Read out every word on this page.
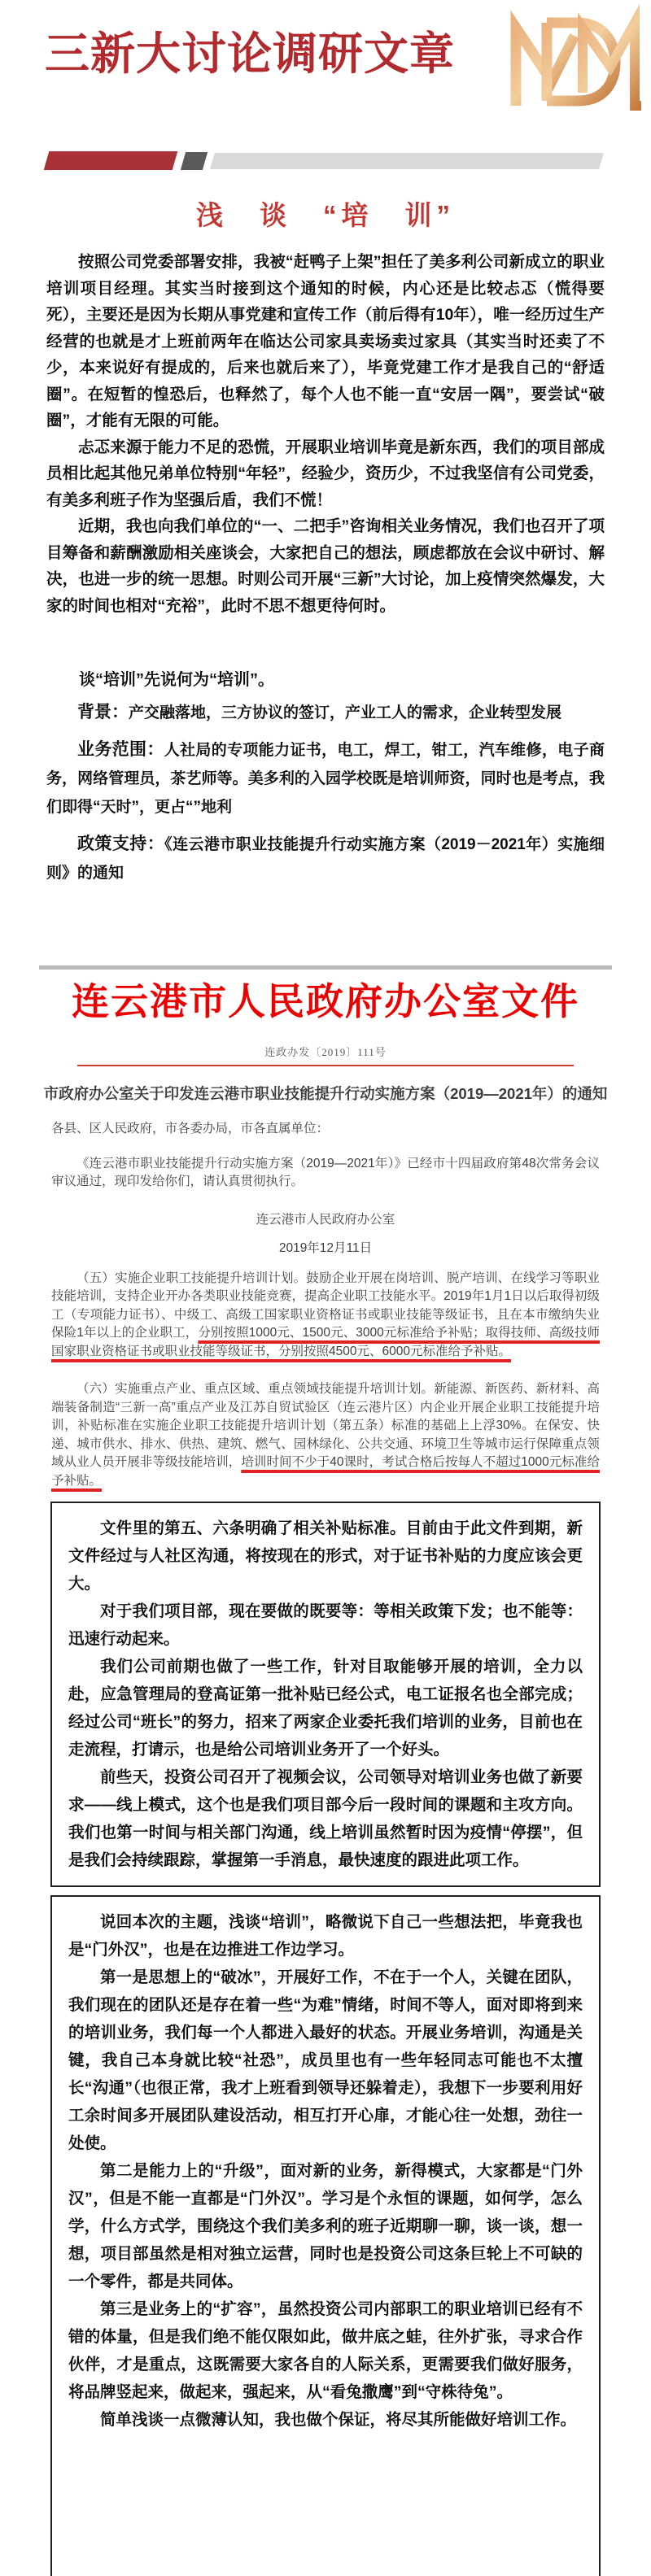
三新大讨论调研文章
浅　谈　“培　训”

按照公司党委部署安排，我被“赶鸭子上架”担任了美多利公司新成立的职业培训项目经理。其实当时接到这个通知的时候，内心还是比较忐忑（慌得要死），主要还是因为长期从事党建和宣传工作（前后得有10年），唯一经历过生产经营的也就是才上班前两年在临达公司家具卖场卖过家具（其实当时还卖了不少，本来说好有提成的，后来也就后来了），毕竟党建工作才是我自己的“舒适圈”。在短暂的惶恐后，也释然了，每个人也不能一直“安居一隅”，要尝试“破圈”，才能有无限的可能。

忐忑来源于能力不足的恐慌，开展职业培训毕竟是新东西，我们的项目部成员相比起其他兄弟单位特别“年轻”，经验少，资历少，不过我坚信有公司党委，有美多利班子作为坚强后盾，我们不慌！

近期，我也向我们单位的“一、二把手”咨询相关业务情况，我们也召开了项目筹备和薪酬激励相关座谈会，大家把自己的想法，顾虑都放在会议中研讨、解决，也进一步的统一思想。时则公司开展“三新”大讨论，加上疫情突然爆发，大家的时间也相对“充裕”，此时不思不想更待何时。

谈“培训”先说何为“培训”。
背景：产交融落地，三方协议的签订，产业工人的需求，企业转型发展
业务范围：人社局的专项能力证书，电工，焊工，钳工，汽车维修，电子商务，网络管理员，茶艺师等。美多利的入园学校既是培训师资，同时也是考点，我们即得“天时”，更占“”地利
政策支持：《连云港市职业技能提升行动实施方案（2019－2021年）实施细则》的通知
连云港市人民政府办公室文件
连政办发〔2019〕111号
市政府办公室关于印发连云港市职业技能提升行动实施方案（2019—2021年）的通知
各县、区人民政府，市各委办局，市各直属单位：
《连云港市职业技能提升行动实施方案（2019—2021年）》已经市十四届政府第48次常务会议审议通过，现印发给你们，请认真贯彻执行。
连云港市人民政府办公室
2019年12月11日
（五）实施企业职工技能提升培训计划。鼓励企业开展在岗培训、脱产培训、在线学习等职业技能培训，支持企业开办各类职业技能竞赛，提高企业职工技能水平。2019年1月1日以后取得初级工（专项能力证书）、中级工、高级工国家职业资格证书或职业技能等级证书，且在本市缴纳失业保险1年以上的企业职工，分别按照1000元、1500元、3000元标准给予补贴；取得技师、高级技师国家职业资格证书或职业技能等级证书，分别按照4500元、6000元标准给予补贴。
（六）实施重点产业、重点区域、重点领域技能提升培训计划。新能源、新医药、新材料、高端装备制造“三新一高”重点产业及江苏自贸试验区（连云港片区）内企业开展企业职工技能提升培训，补贴标准在实施企业职工技能提升培训计划（第五条）标准的基础上上浮30%。在保安、快递、城市供水、排水、供热、建筑、燃气、园林绿化、公共交通、环境卫生等城市运行保障重点领域从业人员开展非等级技能培训，培训时间不少于40课时，考试合格后按每人不超过1000元标准给予补贴。

文件里的第五、六条明确了相关补贴标准。目前由于此文件到期，新文件经过与人社区沟通，将按现在的形式，对于证书补贴的力度应该会更大。

对于我们项目部，现在要做的既要等：等相关政策下发；也不能等：迅速行动起来。

我们公司前期也做了一些工作，针对目取能够开展的培训，全力以赴，应急管理局的登高证第一批补贴已经公式，电工证报名也全部完成；经过公司“班长”的努力，招来了两家企业委托我们培训的业务，目前也在走流程，打请示，也是给公司培训业务开了一个好头。

前些天，投资公司召开了视频会议，公司领导对培训业务也做了新要求——线上模式，这个也是我们项目部今后一段时间的课题和主攻方向。我们也第一时间与相关部门沟通，线上培训虽然暂时因为疫情“停摆”，但是我们会持续跟踪，掌握第一手消息，最快速度的跟进此项工作。

说回本次的主题，浅谈“培训”，略微说下自己一些想法把，毕竟我也是“门外汉”，也是在边推进工作边学习。

第一是思想上的“破冰”，开展好工作，不在于一个人，关键在团队，我们现在的团队还是存在着一些“为难”情绪，时间不等人，面对即将到来的培训业务，我们每一个人都进入最好的状态。开展业务培训，沟通是关键，我自己本身就比较“社恐”，成员里也有一些年轻同志可能也不太擅长“沟通”（也很正常，我才上班看到领导还躲着走），我想下一步要利用好工余时间多开展团队建设活动，相互打开心扉，才能心往一处想，劲往一处使。

第二是能力上的“升级”，面对新的业务，新得模式，大家都是“门外汉”，但是不能一直都是“门外汉”。学习是个永恒的课题，如何学，怎么学，什么方式学，围绕这个我们美多利的班子近期聊一聊，谈一谈，想一想，项目部虽然是相对独立运营，同时也是投资公司这条巨轮上不可缺的一个零件，都是共同体。

第三是业务上的“扩容”，虽然投资公司内部职工的职业培训已经有不错的体量，但是我们绝不能仅限如此，做井底之蛙，往外扩张，寻求合作伙伴，才是重点，这既需要大家各自的人际关系，更需要我们做好服务，将品牌竖起来，做起来，强起来，从“看兔撒鹰”到“守株待兔”。

简单浅谈一点微薄认知，我也做个保证，将尽其所能做好培训工作。
